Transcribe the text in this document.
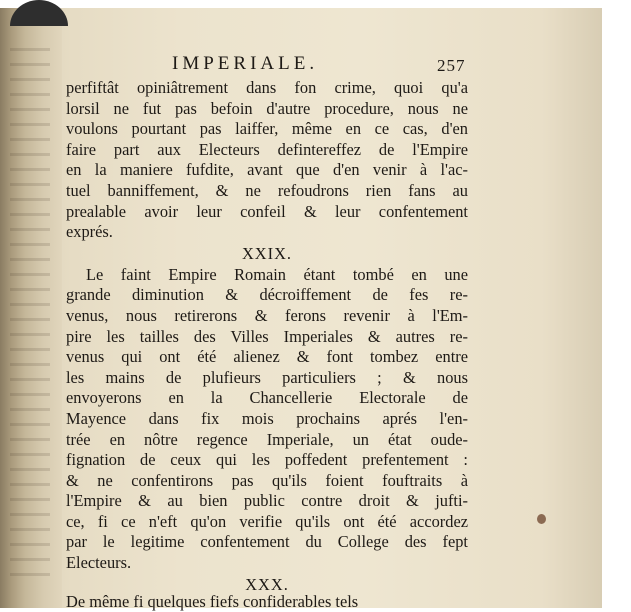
IMPERIALE.	257
perfiftât opiniâtrement dans fon crime, quoi qu'a
lorsil ne fut pas befoin d'autre procedure, nous ne
voulons pourtant pas laiffer, même en ce cas, d'en
faire part aux Electeurs defintereffez de l'Empire
en la maniere fufdite, avant que d'en venir à l'ac-
tuel banniffement, & ne refoudrons rien fans au
prealable avoir leur confeil & leur confentement
exprés.
XXIX.
Le faint Empire Romain étant tombé en une
grande diminution & décroiffement de fes re-
venus, nous retirerons & ferons revenir à l'Em-
pire les tailles des Villes Imperiales & autres re-
venus qui ont été alienez & font tombez entre
les mains de plufieurs particuliers ; & nous
envoyerons en la Chancellerie Electorale de
Mayence dans fix mois prochains aprés l'en-
trée en nôtre regence Imperiale, un état oude-
fignation de ceux qui les poffedent prefentement :
& ne confentirons pas qu'ils foient fouftraits à
l'Empire & au bien public contre droit & jufti-
ce, fi ce n'eft qu'on verifie qu'ils ont été accordez
par le legitime confentement du College des fept
Electeurs.
XXX.
